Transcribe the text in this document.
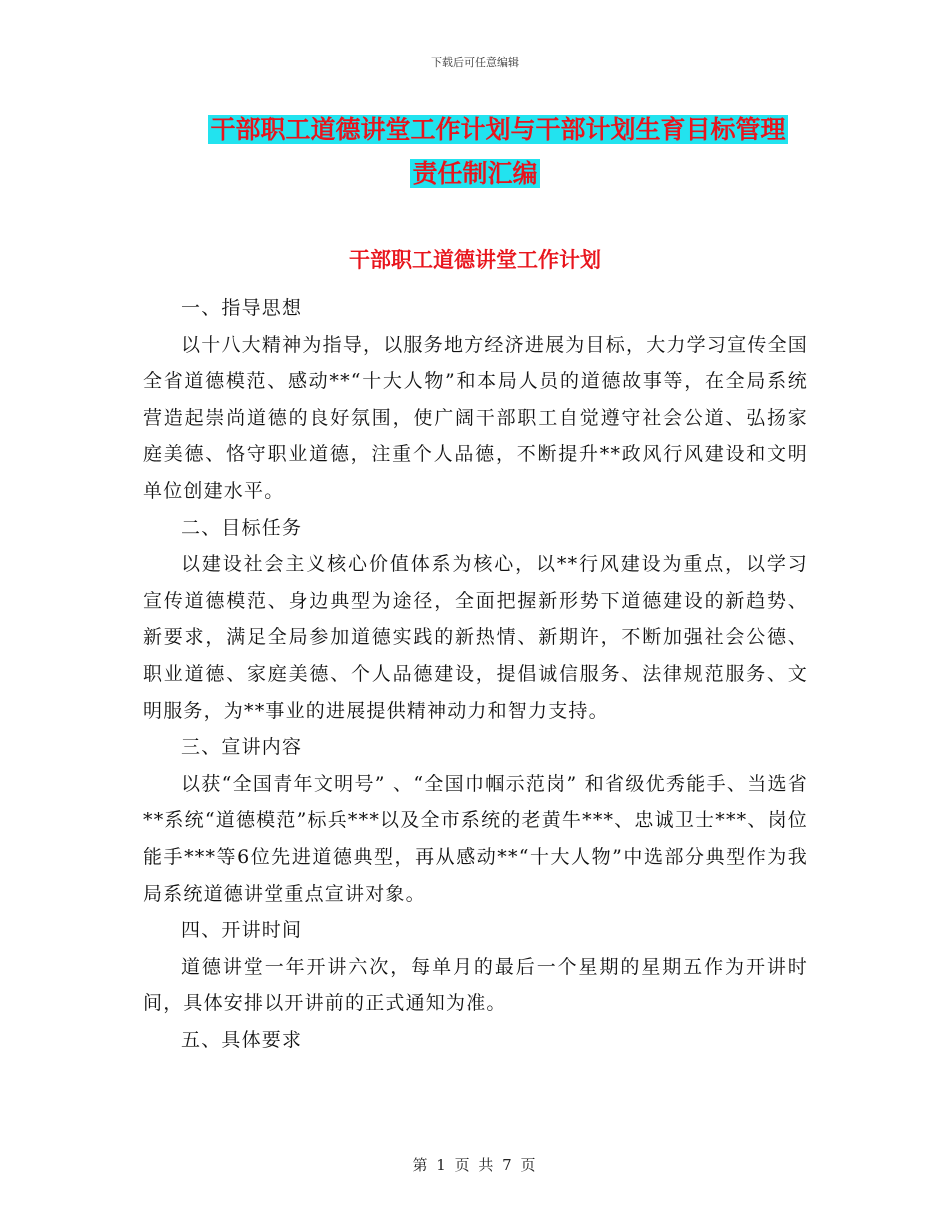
下载后可任意编辑
干部职工道德讲堂工作计划与干部计划生育目标管理
责任制汇编
干部职工道德讲堂工作计划

一、指导思想

以十八大精神为指导，以服务地方经济进展为目标，大力学习宣传全国全省道德模范、感动**“十大人物”和本局人员的道德故事等，在全局系统营造起崇尚道德的良好氛围，使广阔干部职工自觉遵守社会公道、弘扬家庭美德、恪守职业道德，注重个人品德，不断提升**政风行风建设和文明单位创建水平。

二、目标任务

以建设社会主义核心价值体系为核心，以**行风建设为重点，以学习宣传道德模范、身边典型为途径，全面把握新形势下道德建设的新趋势、新要求，满足全局参加道德实践的新热情、新期许，不断加强社会公德、职业道德、家庭美德、个人品德建设，提倡诚信服务、法律规范服务、文明服务，为**事业的进展提供精神动力和智力支持。

三、宣讲内容

以获“全国青年文明号” 、“全国巾帼示范岗” 和省级优秀能手、当选省**系统“道德模范”标兵***以及全市系统的老黄牛***、忠诚卫士***、岗位能手***等6位先进道德典型，再从感动**“十大人物”中选部分典型作为我局系统道德讲堂重点宣讲对象。

四、开讲时间

道德讲堂一年开讲六次，每单月的最后一个星期的星期五作为开讲时间，具体安排以开讲前的正式通知为准。

五、具体要求

第 1 页 共 7 页
